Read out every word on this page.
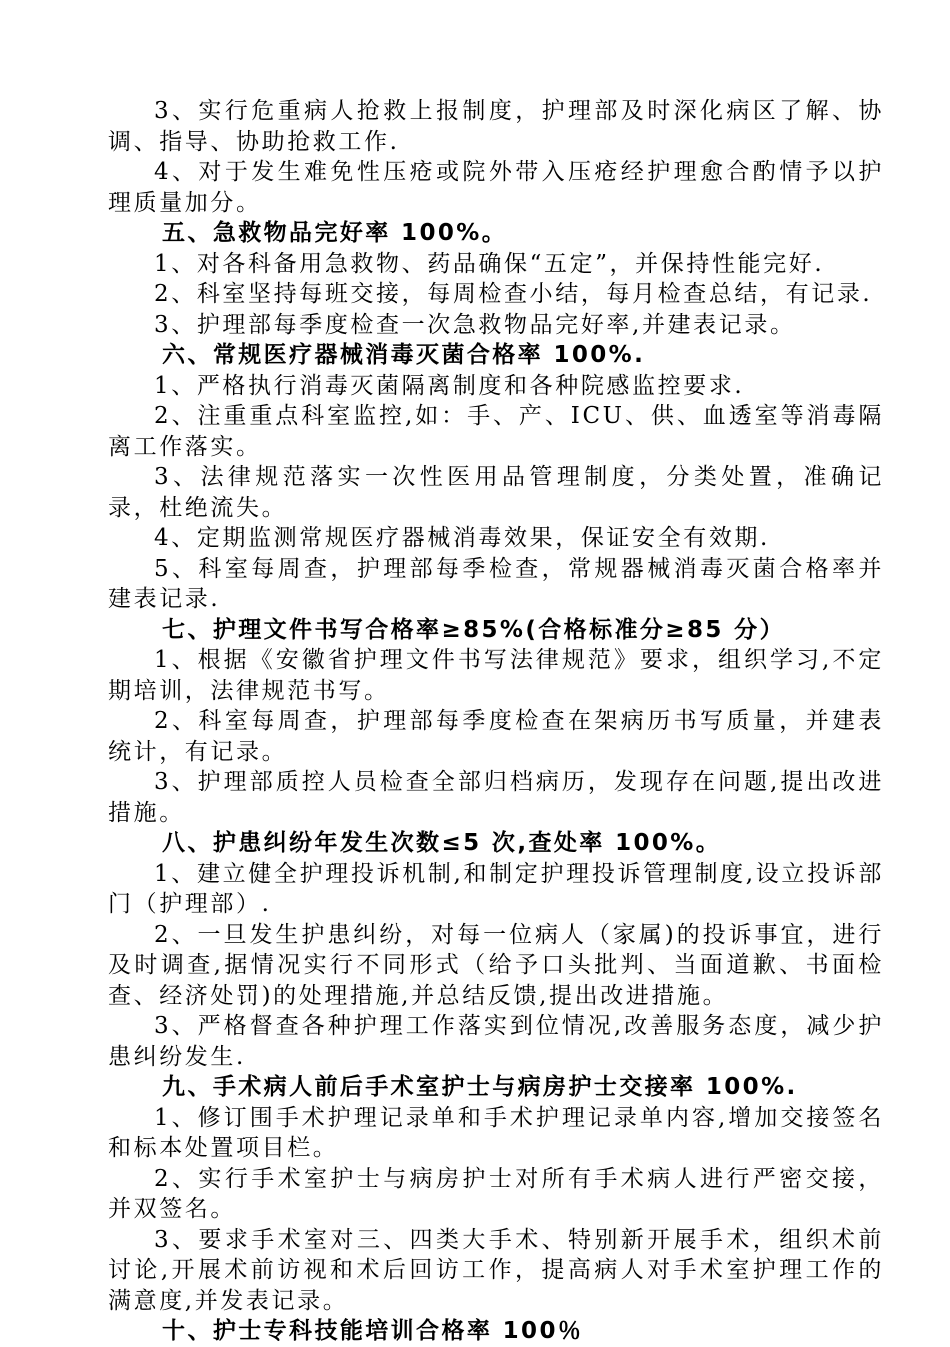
3、实行危重病人抢救上报制度，护理部及时深化病区了解、协调、指导、协助抢救工作.

4、对于发生难免性压疮或院外带入压疮经护理愈合酌情予以护理质量加分。

五、急救物品完好率 100%。

1、对各科备用急救物、药品确保“五定”，并保持性能完好.

2、科室坚持每班交接，每周检查小结，每月检查总结，有记录.

3、护理部每季度检查一次急救物品完好率,并建表记录。

六、常规医疗器械消毒灭菌合格率 100%.

1、严格执行消毒灭菌隔离制度和各种院感监控要求.

2、注重重点科室监控,如：手、产、ICU、供、血透室等消毒隔离工作落实。

3、法律规范落实一次性医用品管理制度，分类处置，准确记录，杜绝流失。

4、定期监测常规医疗器械消毒效果，保证安全有效期.

5、科室每周查，护理部每季检查，常规器械消毒灭菌合格率并建表记录.

七、护理文件书写合格率≥85%(合格标准分≥85 分）

1、根据《安徽省护理文件书写法律规范》要求，组织学习,不定期培训，法律规范书写。

2、科室每周查，护理部每季度检查在架病历书写质量，并建表统计，有记录。

3、护理部质控人员检查全部归档病历，发现存在问题,提出改进措施。

八、护患纠纷年发生次数≤5 次,查处率 100%。

1、建立健全护理投诉机制,和制定护理投诉管理制度,设立投诉部门（护理部）.

2、一旦发生护患纠纷，对每一位病人（家属)的投诉事宜，进行及时调查,据情况实行不同形式（给予口头批判、当面道歉、书面检查、经济处罚)的处理措施,并总结反馈,提出改进措施。

3、严格督查各种护理工作落实到位情况,改善服务态度，减少护患纠纷发生.

九、手术病人前后手术室护士与病房护士交接率 100%.

1、修订围手术护理记录单和手术护理记录单内容,增加交接签名和标本处置项目栏。

2、实行手术室护士与病房护士对所有手术病人进行严密交接，并双签名。

3、要求手术室对三、四类大手术、特别新开展手术，组织术前讨论,开展术前访视和术后回访工作，提高病人对手术室护理工作的满意度,并发表记录。

十、护士专科技能培训合格率 100％
